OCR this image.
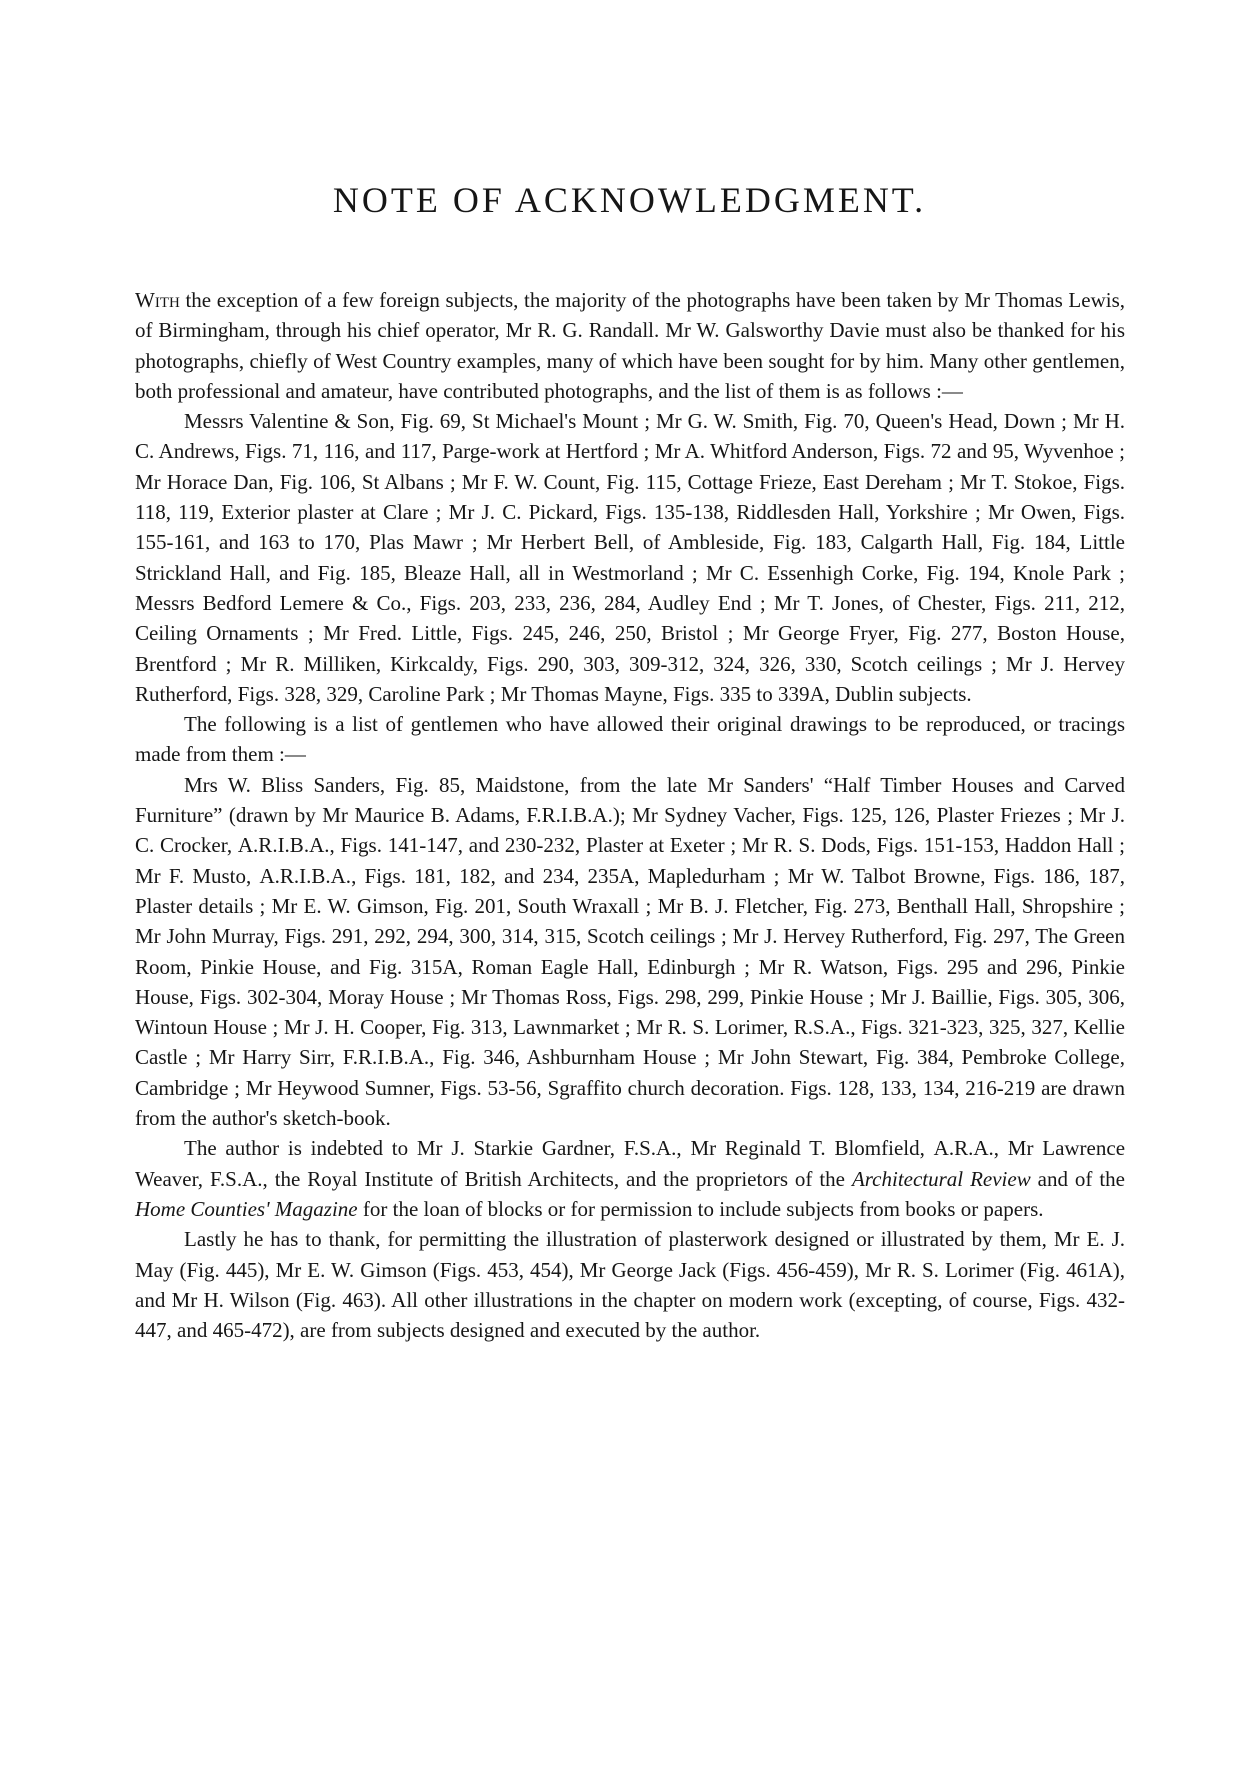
NOTE OF ACKNOWLEDGMENT.

With the exception of a few foreign subjects, the majority of the photographs have been taken by Mr Thomas Lewis, of Birmingham, through his chief operator, Mr R. G. Randall. Mr W. Galsworthy Davie must also be thanked for his photographs, chiefly of West Country examples, many of which have been sought for by him. Many other gentlemen, both professional and amateur, have contributed photographs, and the list of them is as follows :—

Messrs Valentine & Son, Fig. 69, St Michael's Mount ; Mr G. W. Smith, Fig. 70, Queen's Head, Down ; Mr H. C. Andrews, Figs. 71, 116, and 117, Parge-work at Hertford ; Mr A. Whitford Anderson, Figs. 72 and 95, Wyvenhoe ; Mr Horace Dan, Fig. 106, St Albans ; Mr F. W. Count, Fig. 115, Cottage Frieze, East Dereham ; Mr T. Stokoe, Figs. 118, 119, Exterior plaster at Clare ; Mr J. C. Pickard, Figs. 135-138, Riddlesden Hall, Yorkshire ; Mr Owen, Figs. 155-161, and 163 to 170, Plas Mawr ; Mr Herbert Bell, of Ambleside, Fig. 183, Calgarth Hall, Fig. 184, Little Strickland Hall, and Fig. 185, Bleaze Hall, all in Westmorland ; Mr C. Essenhigh Corke, Fig. 194, Knole Park ; Messrs Bedford Lemere & Co., Figs. 203, 233, 236, 284, Audley End ; Mr T. Jones, of Chester, Figs. 211, 212, Ceiling Ornaments ; Mr Fred. Little, Figs. 245, 246, 250, Bristol ; Mr George Fryer, Fig. 277, Boston House, Brentford ; Mr R. Milliken, Kirkcaldy, Figs. 290, 303, 309-312, 324, 326, 330, Scotch ceilings ; Mr J. Hervey Rutherford, Figs. 328, 329, Caroline Park ; Mr Thomas Mayne, Figs. 335 to 339A, Dublin subjects.

The following is a list of gentlemen who have allowed their original drawings to be reproduced, or tracings made from them :—

Mrs W. Bliss Sanders, Fig. 85, Maidstone, from the late Mr Sanders' “Half Timber Houses and Carved Furniture” (drawn by Mr Maurice B. Adams, F.R.I.B.A.); Mr Sydney Vacher, Figs. 125, 126, Plaster Friezes ; Mr J. C. Crocker, A.R.I.B.A., Figs. 141-147, and 230-232, Plaster at Exeter ; Mr R. S. Dods, Figs. 151-153, Haddon Hall ; Mr F. Musto, A.R.I.B.A., Figs. 181, 182, and 234, 235A, Mapledurham ; Mr W. Talbot Browne, Figs. 186, 187, Plaster details ; Mr E. W. Gimson, Fig. 201, South Wraxall ; Mr B. J. Fletcher, Fig. 273, Benthall Hall, Shropshire ; Mr John Murray, Figs. 291, 292, 294, 300, 314, 315, Scotch ceilings ; Mr J. Hervey Rutherford, Fig. 297, The Green Room, Pinkie House, and Fig. 315A, Roman Eagle Hall, Edinburgh ; Mr R. Watson, Figs. 295 and 296, Pinkie House, Figs. 302-304, Moray House ; Mr Thomas Ross, Figs. 298, 299, Pinkie House ; Mr J. Baillie, Figs. 305, 306, Wintoun House ; Mr J. H. Cooper, Fig. 313, Lawnmarket ; Mr R. S. Lorimer, R.S.A., Figs. 321-323, 325, 327, Kellie Castle ; Mr Harry Sirr, F.R.I.B.A., Fig. 346, Ashburnham House ; Mr John Stewart, Fig. 384, Pembroke College, Cambridge ; Mr Heywood Sumner, Figs. 53-56, Sgraffito church decoration. Figs. 128, 133, 134, 216-219 are drawn from the author's sketch-book.

The author is indebted to Mr J. Starkie Gardner, F.S.A., Mr Reginald T. Blomfield, A.R.A., Mr Lawrence Weaver, F.S.A., the Royal Institute of British Architects, and the proprietors of the Architectural Review and of the Home Counties' Magazine for the loan of blocks or for permission to include subjects from books or papers.

Lastly he has to thank, for permitting the illustration of plasterwork designed or illustrated by them, Mr E. J. May (Fig. 445), Mr E. W. Gimson (Figs. 453, 454), Mr George Jack (Figs. 456-459), Mr R. S. Lorimer (Fig. 461A), and Mr H. Wilson (Fig. 463). All other illustrations in the chapter on modern work (excepting, of course, Figs. 432-447, and 465-472), are from subjects designed and executed by the author.
